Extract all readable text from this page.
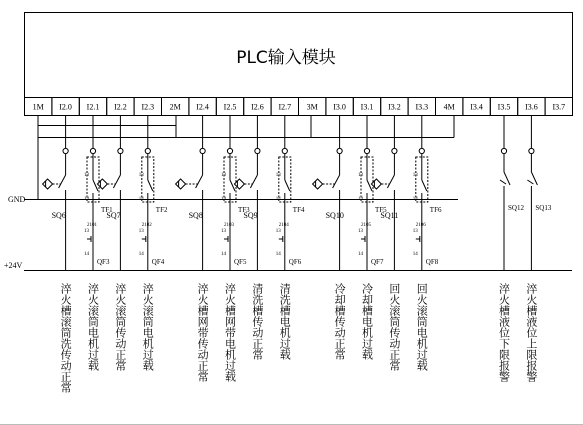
PLC输入模块
1M I2.0 I2.1 I2.2 I2.3 2M I2.4 I2.5 I2.6 I2.7 3M I3.0 I3.1 I3.2 I3.3 4M I3.4 I3.5 I3.6 I3.7
GND
+24V
SQ6
13
14
TF1
2101
13
14
QF3
SQ7
13
14
TF2
2102
13
14
QF4
SQ8
13
14
TF3
2103
13
14
QF5
SQ9
13
14
TF4
2104
13
14
QF6
SQ10
13
14
TF5
2105
13
14
QF7
SQ11
13
14
TF6
2106
13
14
QF8
SQ12 SQ13
淬火槽滚筒洗传动正常 淬火滚筒电机过载 淬火滚筒传动正常 淬火滚筒电机过载	淬火槽网带传动正常 淬火槽网带电机过载 清洗槽传动正常 清洗槽电机过载	冷却槽传动正常 冷却槽电机过载 回火滚筒传动正常 回火滚筒电机过载	淬火槽液位下限报警 淬火槽液位上限报警
